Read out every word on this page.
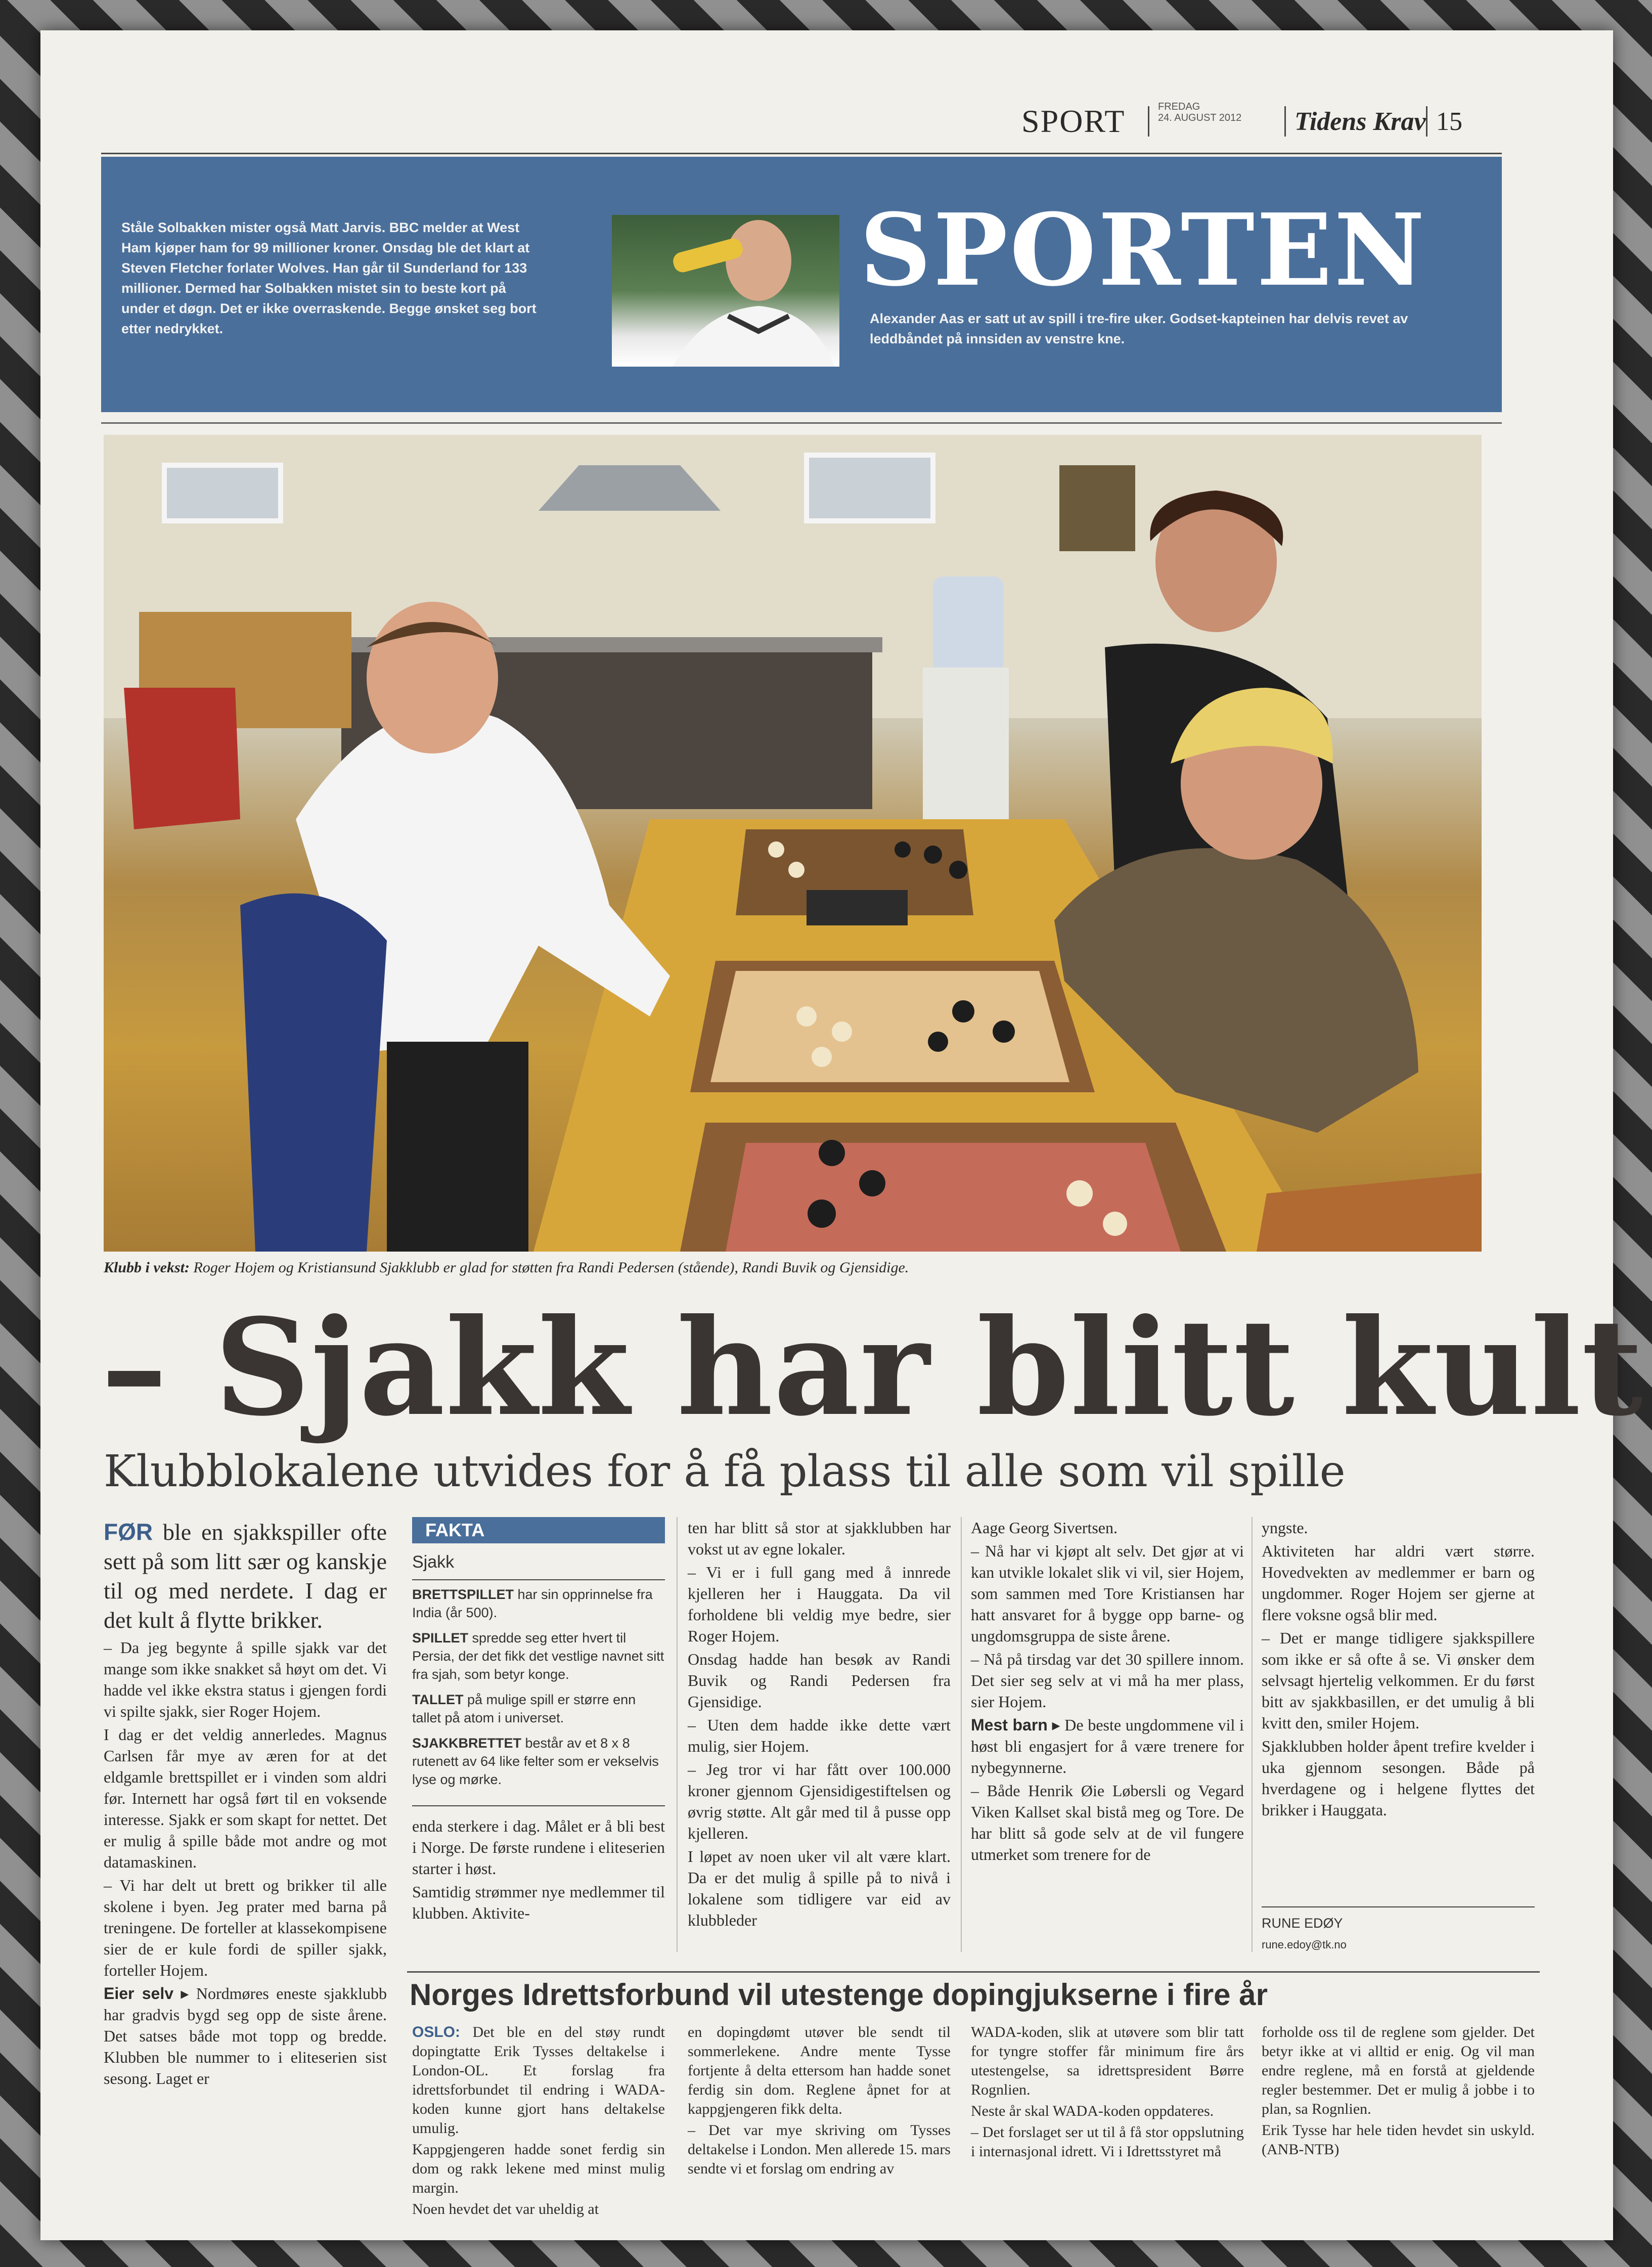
SPORT	FREDAG
24. AUGUST 2012 Tidens Krav 15
Ståle Solbakken mister også Matt Jarvis. BBC melder at West Ham kjøper ham for 99 millioner kroner. Onsdag ble det klart at Steven Fletcher forlater Wolves. Han går til Sunderland for 133 millioner. Dermed har Solbakken mistet sin to beste kort på under et døgn. Det er ikke overraskende. Begge ønsket seg bort etter nedrykket.
SPORTEN
Alexander Aas er satt ut av spill i tre-fire uker. Godset-kapteinen har delvis revet av leddbåndet på innsiden av venstre kne.
Klubb i vekst: Roger Hojem og Kristiansund Sjakklubb er glad for støtten fra Randi Pedersen (stående), Randi Buvik og Gjensidige.
– Sjakk har blitt kult
Klubblokalene utvides for å få plass til alle som vil spille

FØR ble en sjakkspiller ofte sett på som litt sær og kanskje til og med nerdete. I dag er det kult å flytte brikker.

– Da jeg begynte å spille sjakk var det mange som ikke snakket så høyt om det. Vi hadde vel ikke ekstra status i gjengen fordi vi spilte sjakk, sier Roger Hojem.

I dag er det veldig annerledes. Magnus Carlsen får mye av æren for at det eldgamle brettspillet er i vinden som aldri før. Internett har også ført til en voksende interesse. Sjakk er som skapt for nettet. Det er mulig å spille både mot andre og mot datamaskinen.

– Vi har delt ut brett og brikker til alle skolene i byen. Jeg prater med barna på treningene. De forteller at klassekompisene sier de er kule fordi de spiller sjakk, forteller Hojem.

Eier selv ▸ Nordmøres eneste sjakklubb har gradvis bygd seg opp de siste årene. Det satses både mot topp og bredde. Klubben ble nummer to i eliteserien sist sesong. Laget er

FAKTA
Sjakk

BRETTSPILLET har sin opprinnelse fra India (år 500).

SPILLET spredde seg etter hvert til Persia, der det fikk det vestlige navnet sitt fra sjah, som betyr konge.

TALLET på mulige spill er større enn tallet på atom i universet.

SJAKKBRETTET består av et 8 x 8 rutenett av 64 like felter som er vekselvis lyse og mørke.

enda sterkere i dag. Målet er å bli best i Norge. De første rundene i eliteserien starter i høst.

Samtidig strømmer nye medlemmer til klubben. Aktivite-

ten har blitt så stor at sjakklubben har vokst ut av egne lokaler.

– Vi er i full gang med å innrede kjelleren her i Hauggata. Da vil forholdene bli veldig mye bedre, sier Roger Hojem.

Onsdag hadde han besøk av Randi Buvik og Randi Pedersen fra Gjensidige.

– Uten dem hadde ikke dette vært mulig, sier Hojem.

– Jeg tror vi har fått over 100.000 kroner gjennom Gjensidigestiftelsen og øvrig støtte. Alt går med til å pusse opp kjelleren.

I løpet av noen uker vil alt være klart. Da er det mulig å spille på to nivå i lokalene som tidligere var eid av klubbleder

Aage Georg Sivertsen.

– Nå har vi kjøpt alt selv. Det gjør at vi kan utvikle lokalet slik vi vil, sier Hojem, som sammen med Tore Kristiansen har hatt ansvaret for å bygge opp barne- og ungdomsgruppa de siste årene.

– Nå på tirsdag var det 30 spillere innom. Det sier seg selv at vi må ha mer plass, sier Hojem.

Mest barn ▸ De beste ungdommene vil i høst bli engasjert for å være trenere for nybegynnerne.

– Både Henrik Øie Løbersli og Vegard Viken Kallset skal bistå meg og Tore. De har blitt så gode selv at de vil fungere utmerket som trenere for de

yngste.

Aktiviteten har aldri vært større. Hovedvekten av medlemmer er barn og ungdommer. Roger Hojem ser gjerne at flere voksne også blir med.

– Det er mange tidligere sjakkspillere som ikke er så ofte å se. Vi ønsker dem selvsagt hjertelig velkommen. Er du først bitt av sjakkbasillen, er det umulig å bli kvitt den, smiler Hojem.

Sjakklubben holder åpent trefire kvelder i uka gjennom sesongen. Både på hverdagene og i helgene flyttes det brikker i Hauggata.

RUNE EDØY
rune.edoy@tk.no
Norges Idrettsforbund vil utestenge dopingjukserne i fire år

OSLO: Det ble en del støy rundt dopingtatte Erik Tysses deltakelse i London-OL. Et forslag fra idrettsforbundet til endring i WADA-koden kunne gjort hans deltakelse umulig.

Kappgjengeren hadde sonet ferdig sin dom og rakk lekene med minst mulig margin.

Noen hevdet det var uheldig at

en dopingdømt utøver ble sendt til sommerlekene. Andre mente Tysse fortjente å delta ettersom han hadde sonet ferdig sin dom. Reglene åpnet for at kappgjengeren fikk delta.

– Det var mye skriving om Tysses deltakelse i London. Men allerede 15. mars sendte vi et forslag om endring av

WADA-koden, slik at utøvere som blir tatt for tyngre stoffer får minimum fire års utestengelse, sa idrettspresident Børre Rognlien.

Neste år skal WADA-koden oppdateres.

– Det forslaget ser ut til å få stor oppslutning i internasjonal idrett. Vi i Idrettsstyret må

forholde oss til de reglene som gjelder. Det betyr ikke at vi alltid er enig. Og vil man endre reglene, må en forstå at gjeldende regler bestemmer. Det er mulig å jobbe i to plan, sa Rognlien.

Erik Tysse har hele tiden hevdet sin uskyld. (ANB-NTB)
